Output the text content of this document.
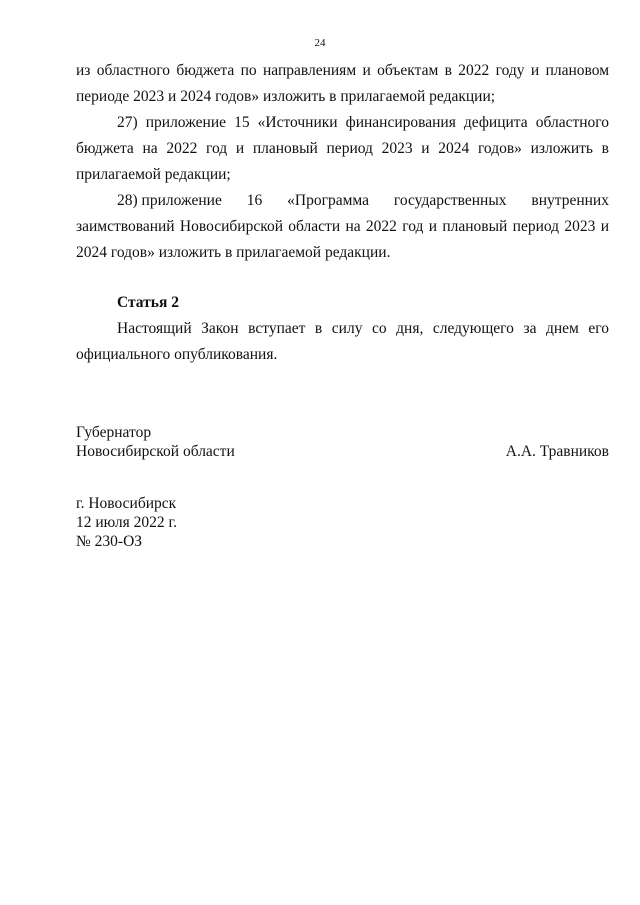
24

из областного бюджета по направлениям и объектам в 2022 году и плановом периоде 2023 и 2024 годов» изложить в прилагаемой редакции;

27) приложение 15 «Источники финансирования дефицита областного бюджета на 2022 год и плановый период 2023 и 2024 годов» изложить в прилагаемой редакции;

28) приложение 16 «Программа государственных внутренних

заимствований Новосибирской области на 2022 год и плановый период 2023 и 2024 годов» изложить в прилагаемой редакции.

Статья 2

Настоящий Закон вступает в силу со дня, следующего за днем его официального опубликования.

Губернатор
Новосибирской области	А.А. Травников
г. Новосибирск
12 июля 2022 г.
№ 230-ОЗ
